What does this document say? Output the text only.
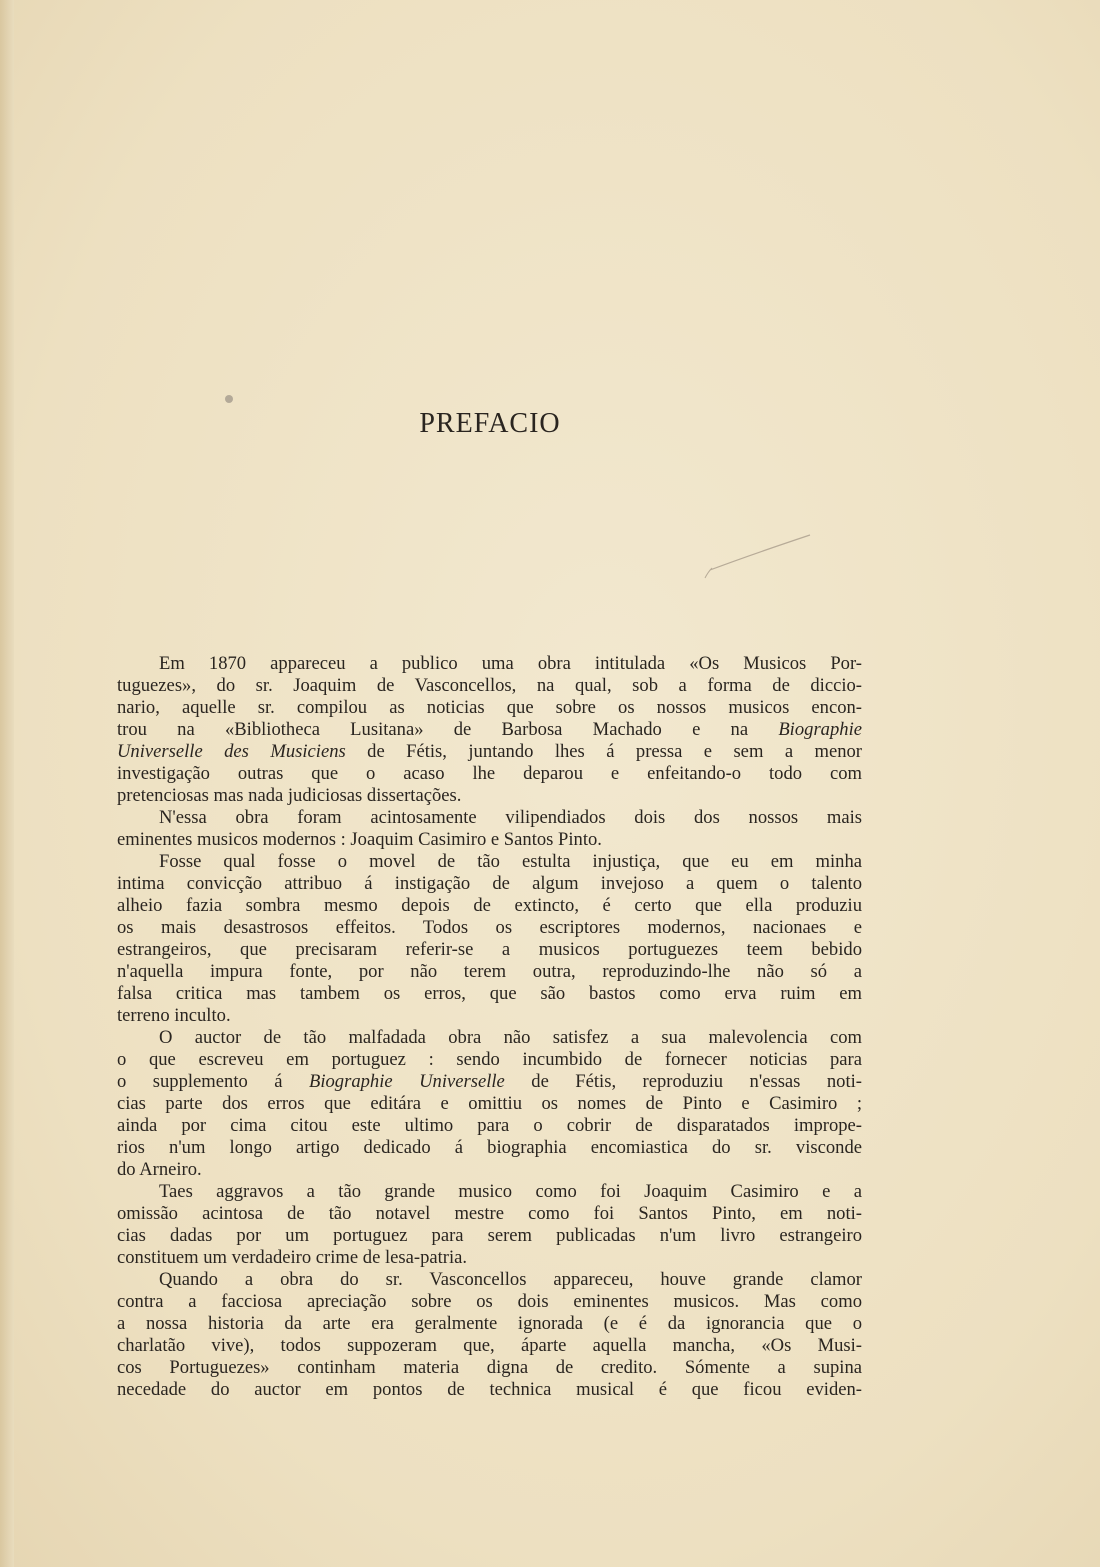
PREFACIO
Em 1870 appareceu a publico uma obra intitulada «Os Musicos Por-
tuguezes», do sr. Joaquim de Vasconcellos, na qual, sob a forma de diccio-
nario, aquelle sr. compilou as noticias que sobre os nossos musicos encon-
trou na «Bibliotheca Lusitana» de Barbosa Machado e na Biographie
Universelle des Musiciens de Fétis, juntando lhes á pressa e sem a menor
investigação outras que o acaso lhe deparou e enfeitando-o todo com
pretenciosas mas nada judiciosas dissertações.
N'essa obra foram acintosamente vilipendiados dois dos nossos mais
eminentes musicos modernos : Joaquim Casimiro e Santos Pinto.
Fosse qual fosse o movel de tão estulta injustiça, que eu em minha
intima convicção attribuo á instigação de algum invejoso a quem o talento
alheio fazia sombra mesmo depois de extincto, é certo que ella produziu
os mais desastrosos effeitos. Todos os escriptores modernos, nacionaes e
estrangeiros, que precisaram referir-se a musicos portuguezes teem bebido
n'aquella impura fonte, por não terem outra, reproduzindo-lhe não só a
falsa critica mas tambem os erros, que são bastos como erva ruim em
terreno inculto.
O auctor de tão malfadada obra não satisfez a sua malevolencia com
o que escreveu em portuguez : sendo incumbido de fornecer noticias para
o supplemento á Biographie Universelle de Fétis, reproduziu n'essas noti-
cias parte dos erros que editára e omittiu os nomes de Pinto e Casimiro ;
ainda por cima citou este ultimo para o cobrir de disparatados imprope-
rios n'um longo artigo dedicado á biographia encomiastica do sr. visconde
do Arneiro.
Taes aggravos a tão grande musico como foi Joaquim Casimiro e a
omissão acintosa de tão notavel mestre como foi Santos Pinto, em noti-
cias dadas por um portuguez para serem publicadas n'um livro estrangeiro
constituem um verdadeiro crime de lesa-patria.
Quando a obra do sr. Vasconcellos appareceu, houve grande clamor
contra a facciosa apreciação sobre os dois eminentes musicos. Mas como
a nossa historia da arte era geralmente ignorada (e é da ignorancia que o
charlatão vive), todos suppozeram que, áparte aquella mancha, «Os Musi-
cos Portuguezes» continham materia digna de credito. Sómente a supina
necedade do auctor em pontos de technica musical é que ficou eviden-
